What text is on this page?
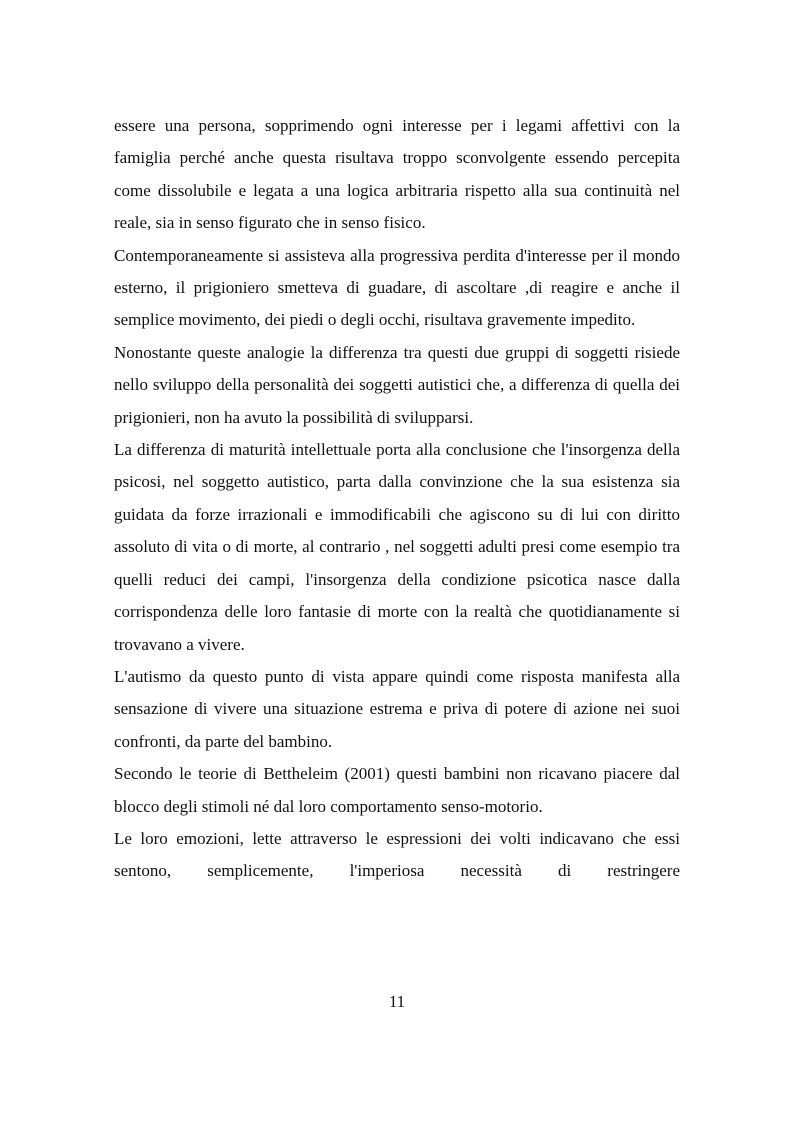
essere una persona, sopprimendo ogni interesse per i legami affettivi con la famiglia perché anche questa risultava troppo sconvolgente essendo percepita come dissolubile e legata a una logica arbitraria rispetto alla sua continuità nel reale, sia in senso figurato che in senso fisico.

Contemporaneamente si assisteva alla progressiva perdita d'interesse per il mondo esterno, il prigioniero smetteva di guadare, di ascoltare ,di reagire e anche il semplice movimento, dei piedi o degli occhi, risultava gravemente impedito.

Nonostante queste analogie la differenza tra questi due gruppi di soggetti risiede nello sviluppo della personalità dei soggetti autistici che, a differenza di quella dei prigionieri, non ha avuto la possibilità di svilupparsi.

La differenza di maturità intellettuale porta alla conclusione che l'insorgenza della psicosi, nel soggetto autistico, parta dalla convinzione che la sua esistenza sia guidata da forze irrazionali e immodificabili che agiscono su di lui con diritto assoluto di vita o di morte, al contrario , nel soggetti adulti presi come esempio tra quelli reduci dei campi, l'insorgenza della condizione psicotica nasce dalla corrispondenza delle loro fantasie di morte con la realtà che quotidianamente si trovavano a vivere.

L'autismo da questo punto di vista appare quindi come risposta manifesta alla sensazione di vivere una situazione estrema e priva di potere di azione nei suoi confronti, da parte del bambino.

Secondo le teorie di Bettheleim (2001) questi bambini non ricavano piacere dal blocco degli stimoli né dal loro comportamento senso-motorio.

Le loro emozioni, lette attraverso le espressioni dei volti indicavano che essi sentono, semplicemente, l'imperiosa necessità di restringere

11
